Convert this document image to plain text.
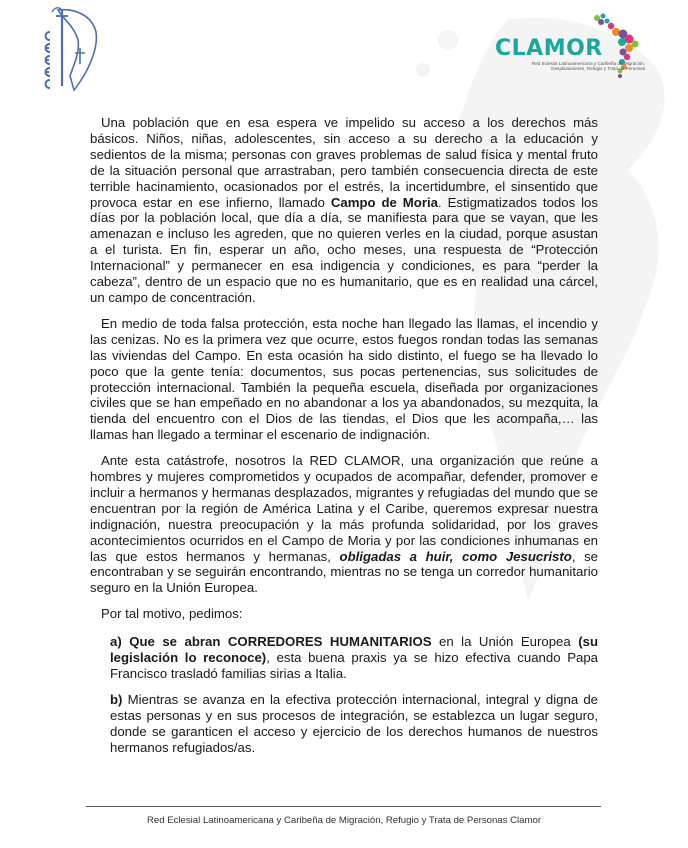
CLAMOR
Red Eclesial Latinoamericana y Caribeña de Migración, Desplazamiento, Refugio y Trata de Personas

Una población que en esa espera ve impelido su acceso a los derechos más básicos. Niños, niñas, adolescentes, sin acceso a su derecho a la educación y sedientos de la misma; personas con graves problemas de salud física y mental fruto de la situación personal que arrastraban, pero también consecuencia directa de este terrible hacinamiento, ocasionados por el estrés, la incertidumbre, el sinsentido que provoca estar en ese infierno, llamado Campo de Moria. Estigmatizados todos los días por la población local, que día a día, se manifiesta para que se vayan, que les amenazan e incluso les agreden, que no quieren verles en la ciudad, porque asustan a el turista. En fin, esperar un año, ocho meses, una respuesta de “Protección Internacional” y permanecer en esa indigencia y condiciones, es para “perder la cabeza”, dentro de un espacio que no es humanitario, que es en realidad una cárcel, un campo de concentración.

En medio de toda falsa protección, esta noche han llegado las llamas, el incendio y las cenizas. No es la primera vez que ocurre, estos fuegos rondan todas las semanas las viviendas del Campo. En esta ocasión ha sido distinto, el fuego se ha llevado lo poco que la gente tenía: documentos, sus pocas pertenencias, sus solicitudes de protección internacional. También la pequeña escuela, diseñada por organizaciones civiles que se han empeñado en no abandonar a los ya abandonados, su mezquita, la tienda del encuentro con el Dios de las tiendas, el Dios que les acompaña,… las llamas han llegado a terminar el escenario de indignación.

Ante esta catástrofe, nosotros la RED CLAMOR, una organización que reúne a hombres y mujeres comprometidos y ocupados de acompañar, defender, promover e incluir a hermanos y hermanas desplazados, migrantes y refugiadas del mundo que se encuentran por la región de América Latina y el Caribe, queremos expresar nuestra indignación, nuestra preocupación y la más profunda solidaridad, por los graves acontecimientos ocurridos en el Campo de Moria y por las condiciones inhumanas en las que estos hermanos y hermanas, obligadas a huir, como Jesucristo, se encontraban y se seguirán encontrando, mientras no se tenga un corredor humanitario seguro en la Unión Europea.

Por tal motivo, pedimos:

a) Que se abran CORREDORES HUMANITARIOS en la Unión Europea (su legislación lo reconoce), esta buena praxis ya se hizo efectiva cuando Papa Francisco trasladó familias sirias a Italia.

b) Mientras se avanza en la efectiva protección internacional, integral y digna de estas personas y en sus procesos de integración, se establezca un lugar seguro, donde se garanticen el acceso y ejercicio de los derechos humanos de nuestros hermanos refugiados/as.

Red Eclesial Latinoamericana y Caribeña de Migración, Refugio y Trata de Personas Clamor
